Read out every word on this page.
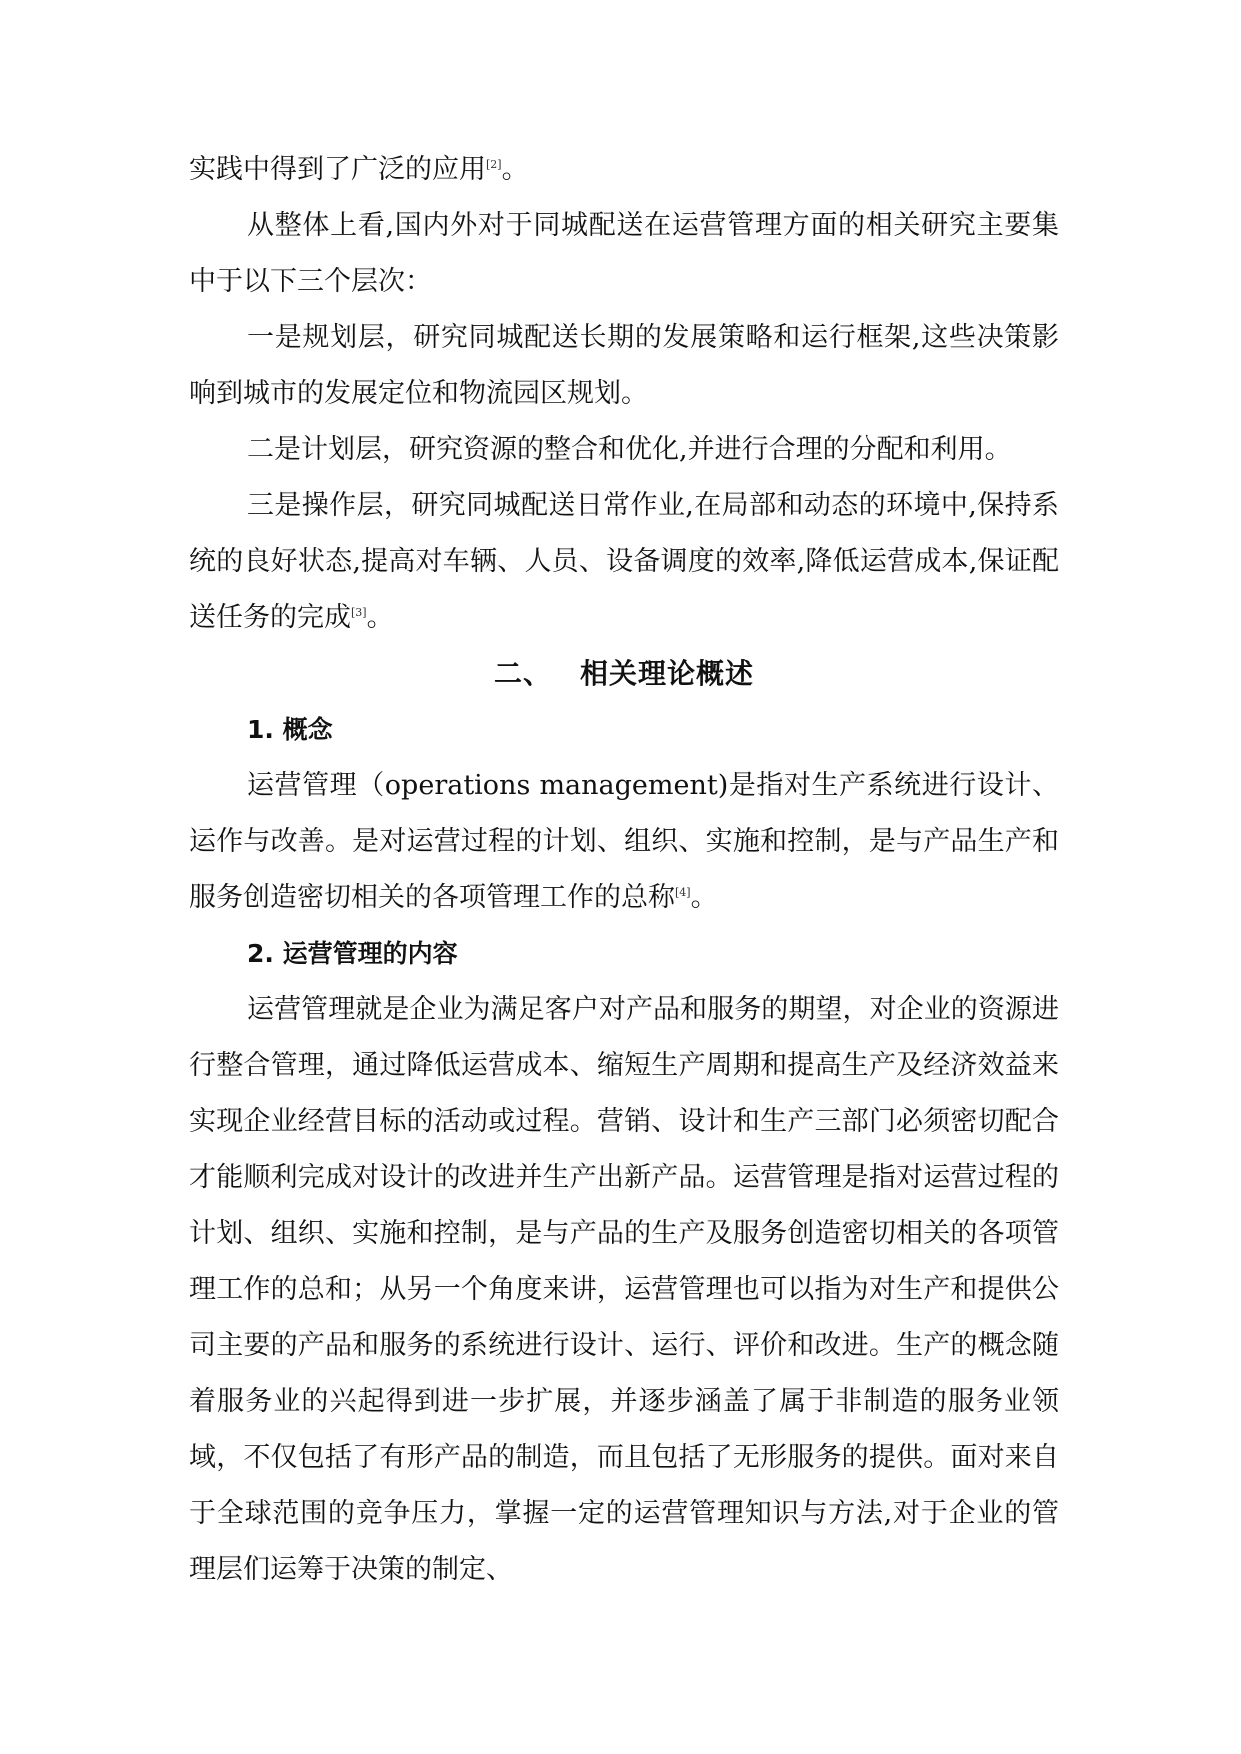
实践中得到了广泛的应用[2]。

从整体上看,国内外对于同城配送在运营管理方面的相关研究主要集中于以下三个层次：

一是规划层，研究同城配送长期的发展策略和运行框架,这些决策影响到城市的发展定位和物流园区规划。

二是计划层，研究资源的整合和优化,并进行合理的分配和利用。

三是操作层，研究同城配送日常作业,在局部和动态的环境中,保持系统的良好状态,提高对车辆、人员、设备调度的效率,降低运营成本,保证配送任务的完成[3]。

二、 相关理论概述
1. 概念

运营管理（operations management)是指对生产系统进行设计、运作与改善。是对运营过程的计划、组织、实施和控制，是与产品生产和服务创造密切相关的各项管理工作的总称[4]。

2. 运营管理的内容

运营管理就是企业为满足客户对产品和服务的期望，对企业的资源进行整合管理，通过降低运营成本、缩短生产周期和提高生产及经济效益来实现企业经营目标的活动或过程。营销、设计和生产三部门必须密切配合才能顺利完成对设计的改进并生产出新产品。运营管理是指对运营过程的计划、组织、实施和控制，是与产品的生产及服务创造密切相关的各项管理工作的总和；从另一个角度来讲，运营管理也可以指为对生产和提供公司主要的产品和服务的系统进行设计、运行、评价和改进。生产的概念随着服务业的兴起得到进一步扩展，并逐步涵盖了属于非制造的服务业领域，不仅包括了有形产品的制造，而且包括了无形服务的提供。面对来自于全球范围的竞争压力，掌握一定的运营管理知识与方法,对于企业的管理层们运筹于决策的制定、
